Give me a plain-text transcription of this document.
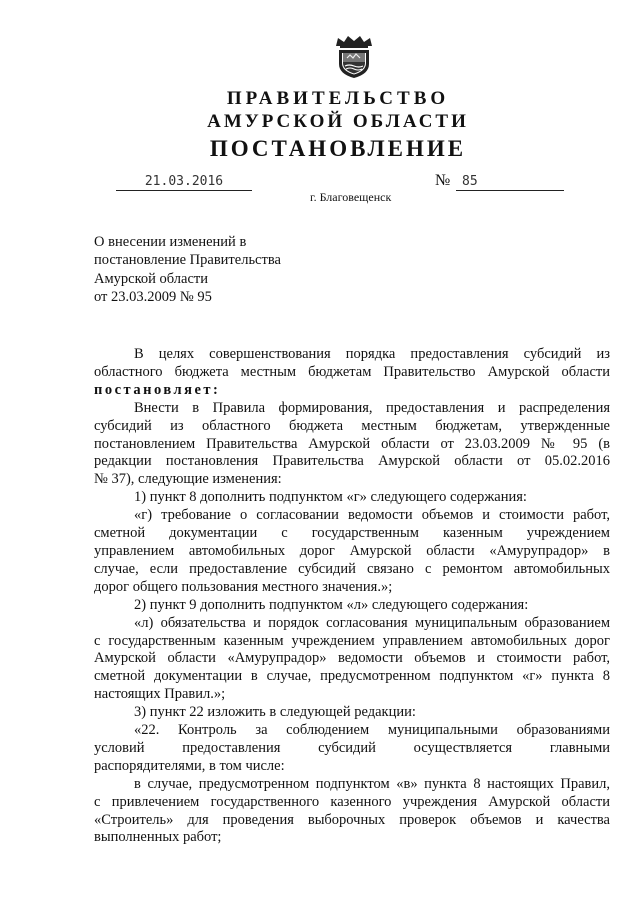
ПРАВИТЕЛЬСТВО
АМУРСКОЙ ОБЛАСТИ
ПОСТАНОВЛЕНИЕ
21.03.2016	№ 85
г. Благовещенск
О внесении изменений в
постановление Правительства
Амурской области
от 23.03.2009 № 95
В целях совершенствования порядка предоставления субсидий из
областного бюджета местным бюджетам Правительство Амурской области
постановляет:
Внести в Правила формирования, предоставления и распределения
субсидий из областного бюджета местным бюджетам, утвержденные
постановлением Правительства Амурской области от 23.03.2009 № 95 (в
редакции постановления Правительства Амурской области от 05.02.2016
№ 37), следующие изменения:
1) пункт 8 дополнить подпунктом «г» следующего содержания:
«г) требование о согласовании ведомости объемов и стоимости работ,
сметной документации с государственным казенным учреждением
управлением автомобильных дорог Амурской области «Амурупрадор» в
случае, если предоставление субсидий связано с ремонтом автомобильных
дорог общего пользования местного значения.»;
2) пункт 9 дополнить подпунктом «л» следующего содержания:
«л) обязательства и порядок согласования муниципальным образованием
с государственным казенным учреждением управлением автомобильных дорог
Амурской области «Амурупрадор» ведомости объемов и стоимости работ,
сметной документации в случае, предусмотренном подпунктом «г» пункта 8
настоящих Правил.»;
3) пункт 22 изложить в следующей редакции:
«22. Контроль за соблюдением муниципальными образованиями
условий предоставления субсидий осуществляется главными
распорядителями, в том числе:
в случае, предусмотренном подпунктом «в» пункта 8 настоящих Правил,
с привлечением государственного казенного учреждения Амурской области
«Строитель» для проведения выборочных проверок объемов и качества
выполненных работ;
